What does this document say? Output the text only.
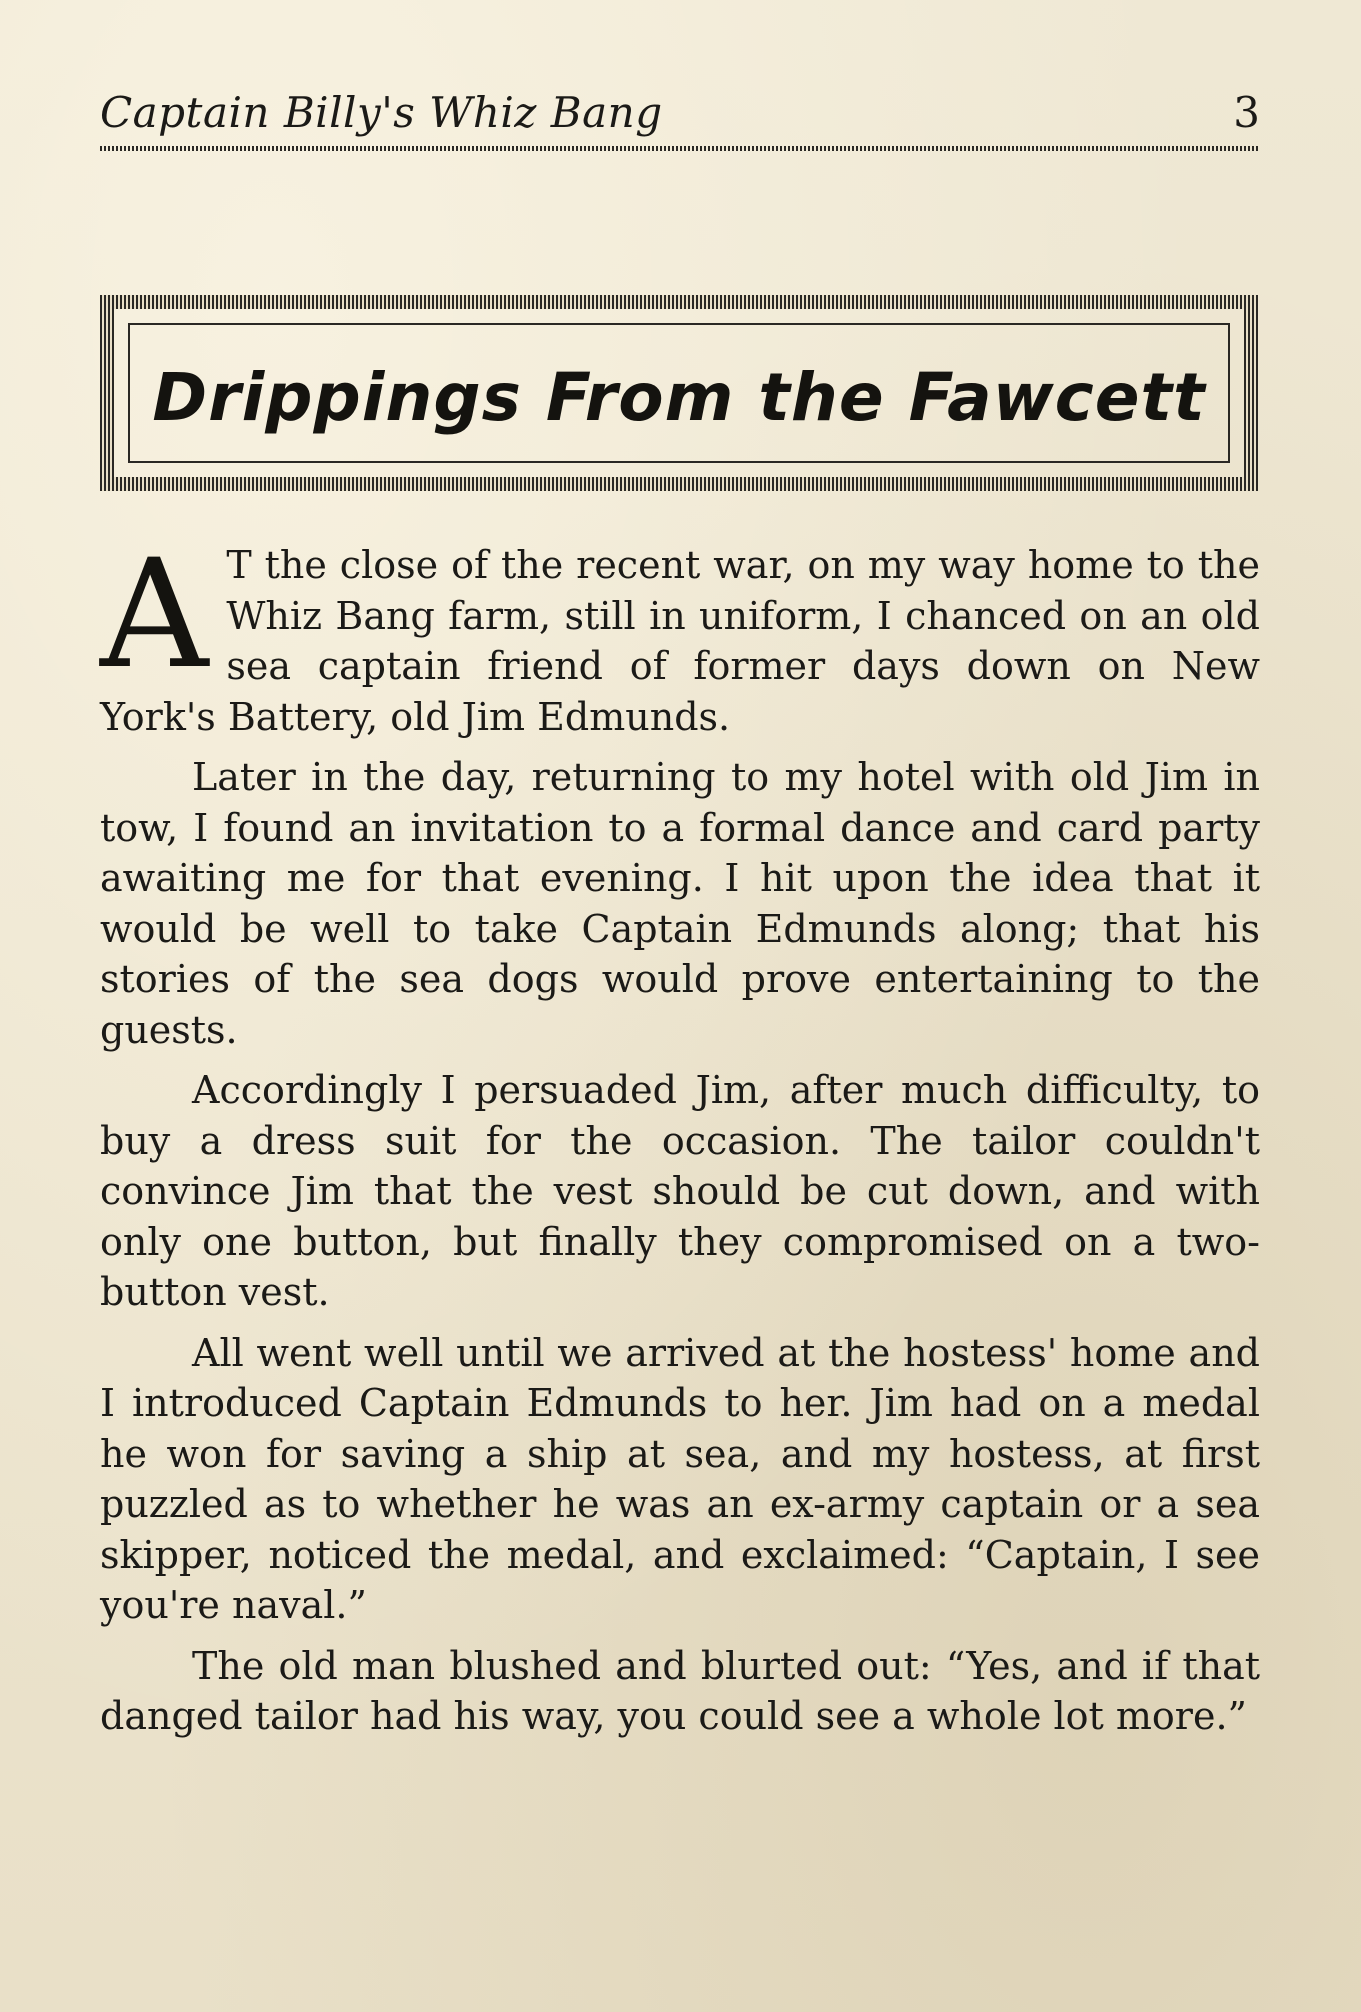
Captain Billy's Whiz Bang	3
Drippings From the Fawcett

A T the close of the recent war, on my way home to the Whiz Bang farm, still in uniform, I chanced on an old sea captain friend of former days down on New York's Battery, old Jim Edmunds.

Later in the day, returning to my hotel with old Jim in tow, I found an invitation to a formal dance and card party awaiting me for that evening. I hit upon the idea that it would be well to take Captain Edmunds along; that his stories of the sea dogs would prove entertaining to the guests.

Accordingly I persuaded Jim, after much difficulty, to buy a dress suit for the occasion. The tailor couldn't convince Jim that the vest should be cut down, and with only one button, but finally they compromised on a two-button vest.

All went well until we arrived at the hostess' home and I introduced Captain Edmunds to her. Jim had on a medal he won for saving a ship at sea, and my hostess, at first puzzled as to whether he was an ex-army captain or a sea skipper, noticed the medal, and exclaimed: “Captain, I see you're naval.”

The old man blushed and blurted out: “Yes, and if that danged tailor had his way, you could see a whole lot more.”
